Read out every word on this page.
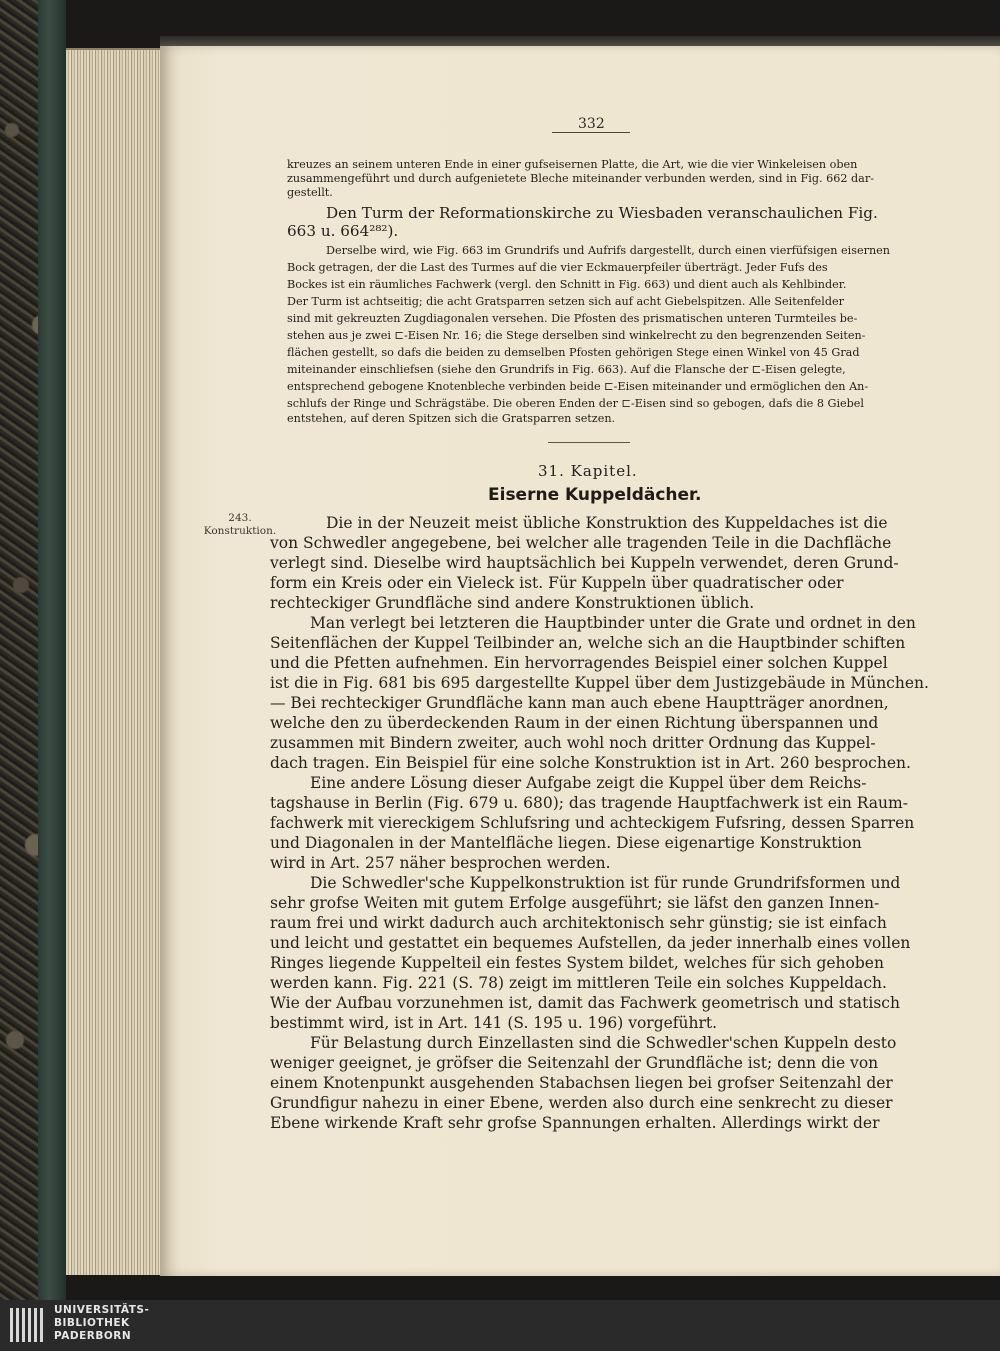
332
kreuzes an seinem unteren Ende in einer gufseisernen Platte, die Art, wie die vier Winkeleisen oben
zusammengeführt und durch aufgenietete Bleche miteinander verbunden werden, sind in Fig. 662 dar-
gestellt.
Den Turm der Reformationskirche zu Wiesbaden veranschaulichen Fig.
663 u. 664²⁸²).
Derselbe wird, wie Fig. 663 im Grundrifs und Aufrifs dargestellt, durch einen vierfüfsigen eisernen
Bock getragen, der die Last des Turmes auf die vier Eckmauerpfeiler überträgt. Jeder Fufs des
Bockes ist ein räumliches Fachwerk (vergl. den Schnitt in Fig. 663) und dient auch als Kehlbinder.
Der Turm ist achtseitig; die acht Gratsparren setzen sich auf acht Giebelspitzen. Alle Seitenfelder
sind mit gekreuzten Zugdiagonalen versehen. Die Pfosten des prismatischen unteren Turmteiles be-
stehen aus je zwei ⊏-Eisen Nr. 16; die Stege derselben sind winkelrecht zu den begrenzenden Seiten-
flächen gestellt, so dafs die beiden zu demselben Pfosten gehörigen Stege einen Winkel von 45 Grad
miteinander einschliefsen (siehe den Grundrifs in Fig. 663). Auf die Flansche der ⊏-Eisen gelegte,
entsprechend gebogene Knotenbleche verbinden beide ⊏-Eisen miteinander und ermöglichen den An-
schlufs der Ringe und Schrägstäbe. Die oberen Enden der ⊏-Eisen sind so gebogen, dafs die 8 Giebel
entstehen, auf deren Spitzen sich die Gratsparren setzen.
31. Kapitel.
Eiserne Kuppeldächer.
243.
Konstruktion.	Die in der Neuzeit meist übliche Konstruktion des Kuppeldaches ist die
von Schwedler angegebene, bei welcher alle tragenden Teile in die Dachfläche
verlegt sind. Dieselbe wird hauptsächlich bei Kuppeln verwendet, deren Grund-
form ein Kreis oder ein Vieleck ist. Für Kuppeln über quadratischer oder
rechteckiger Grundfläche sind andere Konstruktionen üblich.
Man verlegt bei letzteren die Hauptbinder unter die Grate und ordnet in den
Seitenflächen der Kuppel Teilbinder an, welche sich an die Hauptbinder schiften
und die Pfetten aufnehmen. Ein hervorragendes Beispiel einer solchen Kuppel
ist die in Fig. 681 bis 695 dargestellte Kuppel über dem Justizgebäude in München.
— Bei rechteckiger Grundfläche kann man auch ebene Hauptträger anordnen,
welche den zu überdeckenden Raum in der einen Richtung überspannen und
zusammen mit Bindern zweiter, auch wohl noch dritter Ordnung das Kuppel-
dach tragen. Ein Beispiel für eine solche Konstruktion ist in Art. 260 besprochen.
Eine andere Lösung dieser Aufgabe zeigt die Kuppel über dem Reichs-
tagshause in Berlin (Fig. 679 u. 680); das tragende Hauptfachwerk ist ein Raum-
fachwerk mit viereckigem Schlufsring und achteckigem Fufsring, dessen Sparren
und Diagonalen in der Mantelfläche liegen. Diese eigenartige Konstruktion
wird in Art. 257 näher besprochen werden.
Die Schwedler'sche Kuppelkonstruktion ist für runde Grundrifsformen und
sehr grofse Weiten mit gutem Erfolge ausgeführt; sie läfst den ganzen Innen-
raum frei und wirkt dadurch auch architektonisch sehr günstig; sie ist einfach
und leicht und gestattet ein bequemes Aufstellen, da jeder innerhalb eines vollen
Ringes liegende Kuppelteil ein festes System bildet, welches für sich gehoben
werden kann. Fig. 221 (S. 78) zeigt im mittleren Teile ein solches Kuppeldach.
Wie der Aufbau vorzunehmen ist, damit das Fachwerk geometrisch und statisch
bestimmt wird, ist in Art. 141 (S. 195 u. 196) vorgeführt.
Für Belastung durch Einzellasten sind die Schwedler'schen Kuppeln desto
weniger geeignet, je gröfser die Seitenzahl der Grundfläche ist; denn die von
einem Knotenpunkt ausgehenden Stabachsen liegen bei grofser Seitenzahl der
Grundfigur nahezu in einer Ebene, werden also durch eine senkrecht zu dieser
Ebene wirkende Kraft sehr grofse Spannungen erhalten. Allerdings wirkt der
UNIVERSITÄTS-
BIBLIOTHEK
PADERBORN
